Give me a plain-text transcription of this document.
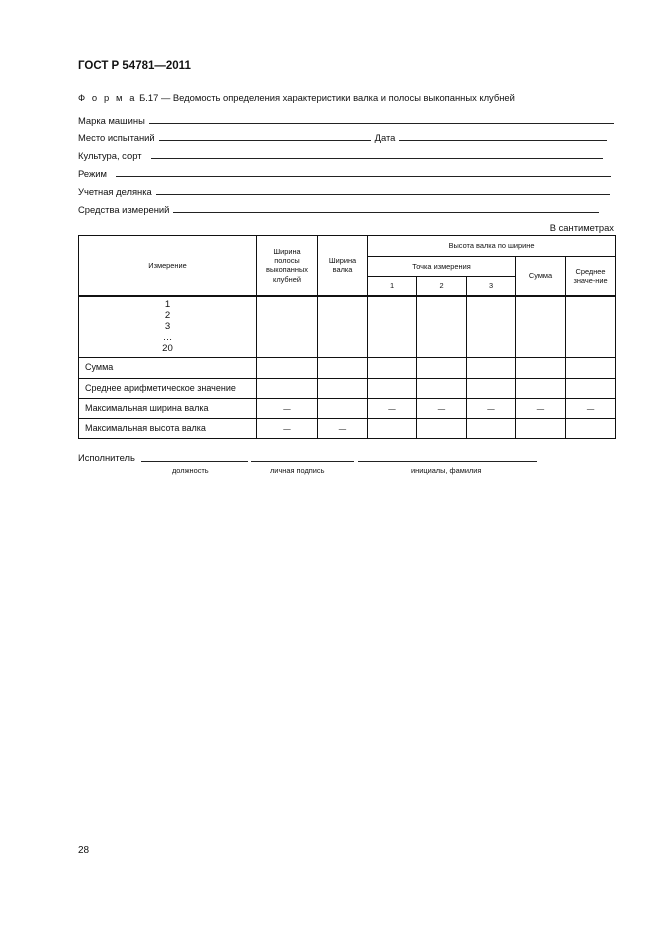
ГОСТ Р 54781—2011
Ф о р м а Б.17 — Ведомость определения характеристики валка и полосы выкопанных клубней
Марка машины
Место испытаний	Дата
Культура, сорт
Режим
Учетная делянка
Средства измерений
В сантиметрах
Измерение	Ширина полосы выкопанных клубней	Ширина валка	Высота валка по ширине				
			Точка измерения			Сумма	Среднее значе-ние
			1	2	3		

1
2
3
…
20							

Сумма							
Среднее арифметическое значение							
Максимальная ширина валка	—		—	—	—	—	—
Максимальная высота валка	—	—					
Исполнитель
должность	личная подпись	инициалы, фамилия
28
